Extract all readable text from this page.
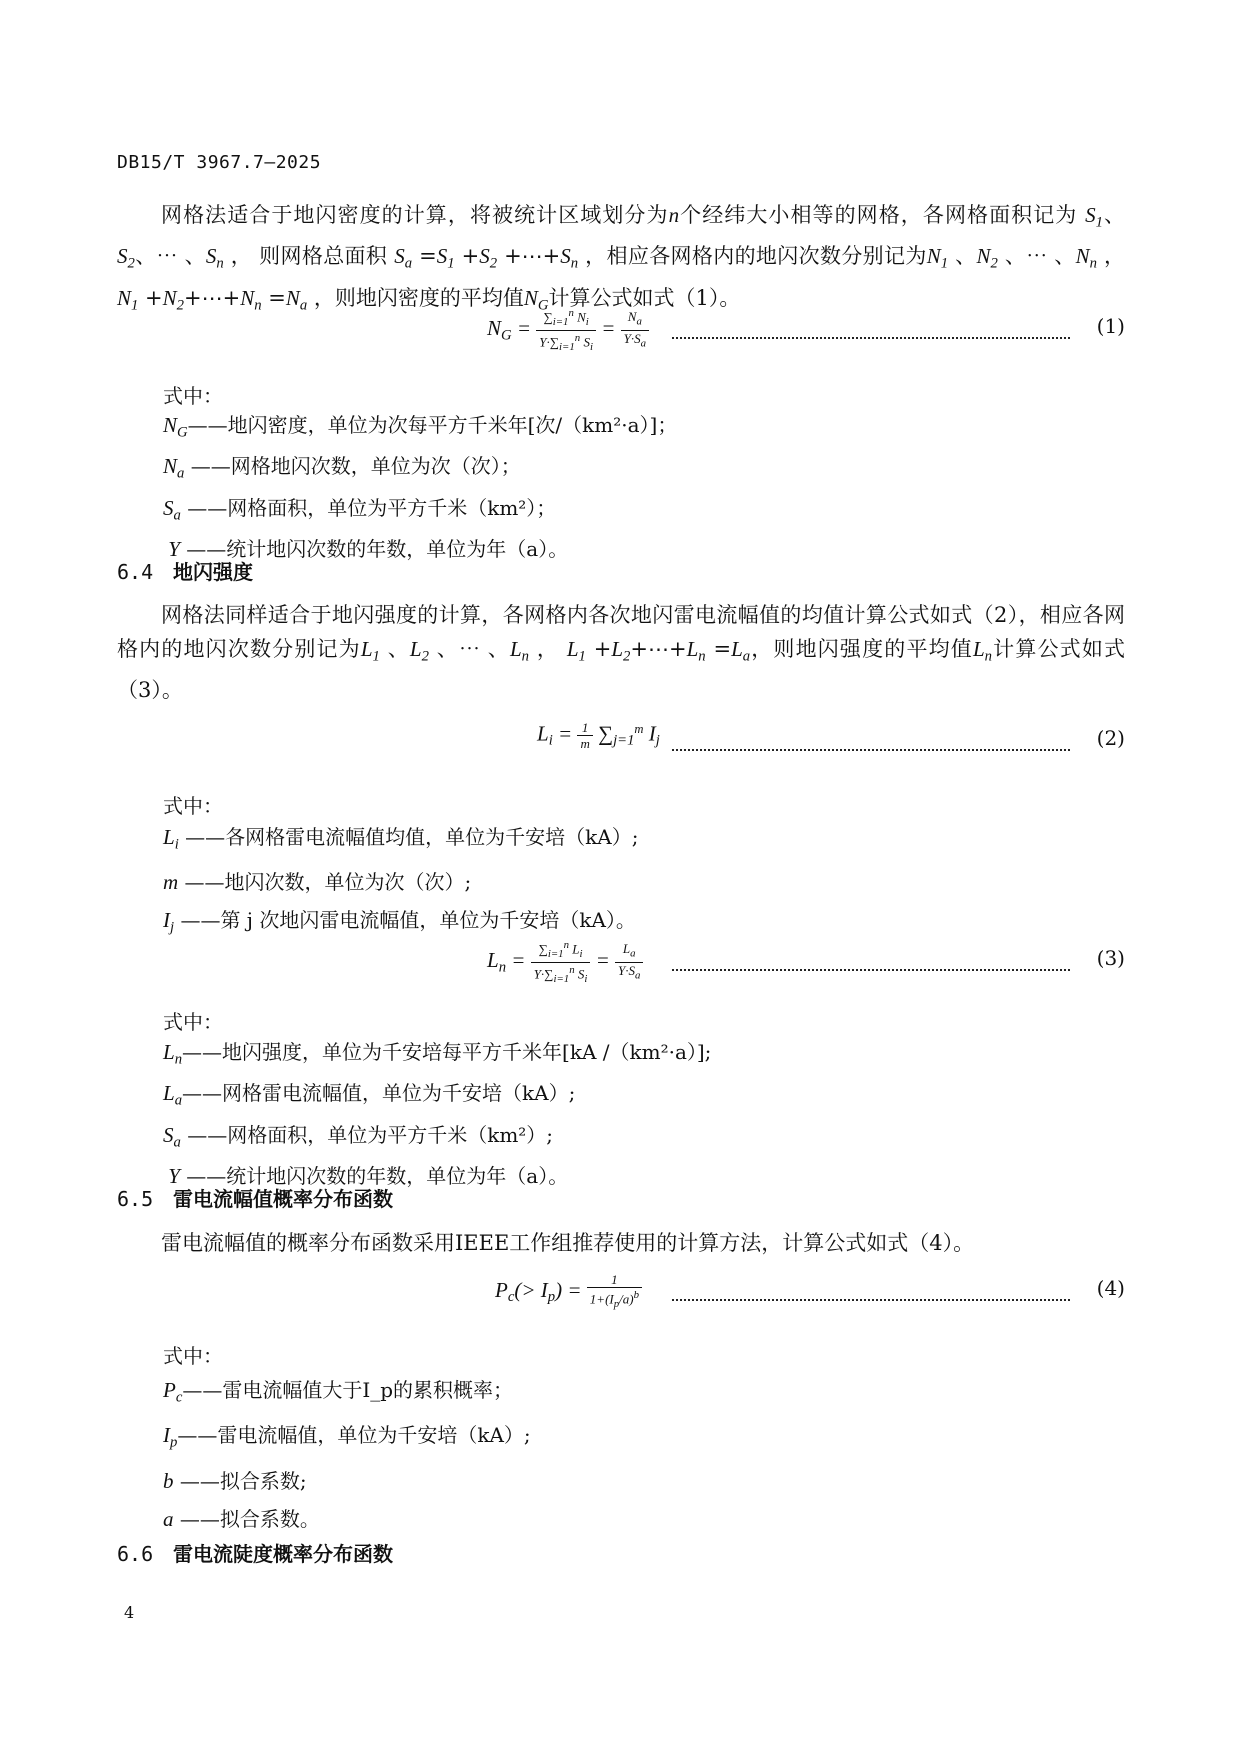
DB15/T 3967.7—2025
网格法适合于地闪密度的计算，将被统计区域划分为n个经纬大小相等的网格，各网格面积记为 $S_1$、$S_2$、⋯ 、$S_n$ ， 则网格总面积 $S_a =S_1 +S_2$ $+\cdots+S_n$ ，相应各网格内的地闪次数分别记为$N_1$ 、$N_2$ 、⋯ 、$N_n$ ， $N_1$ $+N_2+\cdots+N_n =N_a$ ，则地闪密度的平均值$N_G$计算公式如式（1）。
$N_G = \frac{\sum_{i=1}^n N_i}{Y\cdot\sum_{i=1}^n S_i} = \frac{N_a}{Y\cdot S_a}$	(1)
式中：
$N_G——$地闪密度，单位为次每平方千米年[次/（km²·a）]；
$N_a$ ——网格地闪次数，单位为次（次）；
$S_a$ ——网格面积，单位为平方千米（km²）；
Y ——统计地闪次数的年数，单位为年（a）。
6.4 地闪强度
网格法同样适合于地闪强度的计算，各网格内各次地闪雷电流幅值的均值计算公式如式（2），相应各网格内的地闪次数分别记为$L_1$ 、$L_2$ 、⋯ 、$L_n$ ， $L_1$ $+L_2+\cdots+L_n =L_a$，则地闪强度的平均值$L_n$计算公式如式（3）。
$L_i = \frac{1}{m} \sum_{j=1}^m$ $I_j$	(2)
式中：
$L_i$ ——各网格雷电流幅值均值，单位为千安培（kA）;
m ——地闪次数，单位为次（次）;
$I_j$ ——第 j 次地闪雷电流幅值，单位为千安培（kA）。
$L_n = \frac{\sum_{i=1}^n L_i}{Y\cdot\sum_{i=1}^n S_i} = \frac{L_a}{Y\cdot S_a}$	(3)
式中：
$L_n——$地闪强度，单位为千安培每平方千米年[kA /（km²·a）];
$L_a——$网格雷电流幅值，单位为千安培（kA）;
$S_a$ ——网格面积，单位为平方千米（km²）;
Y ——统计地闪次数的年数，单位为年（a）。
6.5 雷电流幅值概率分布函数
雷电流幅值的概率分布函数采用IEEE工作组推荐使用的计算方法，计算公式如式（4）。
$P_c(> I_p) = \frac{1}{1+(I_p/a)^b}$	(4)
式中：
$P_c——$雷电流幅值大于I_p的累积概率；
$I_p——$雷电流幅值，单位为千安培（kA）;
b ——拟合系数;
a ——拟合系数。
6.6 雷电流陡度概率分布函数
4
